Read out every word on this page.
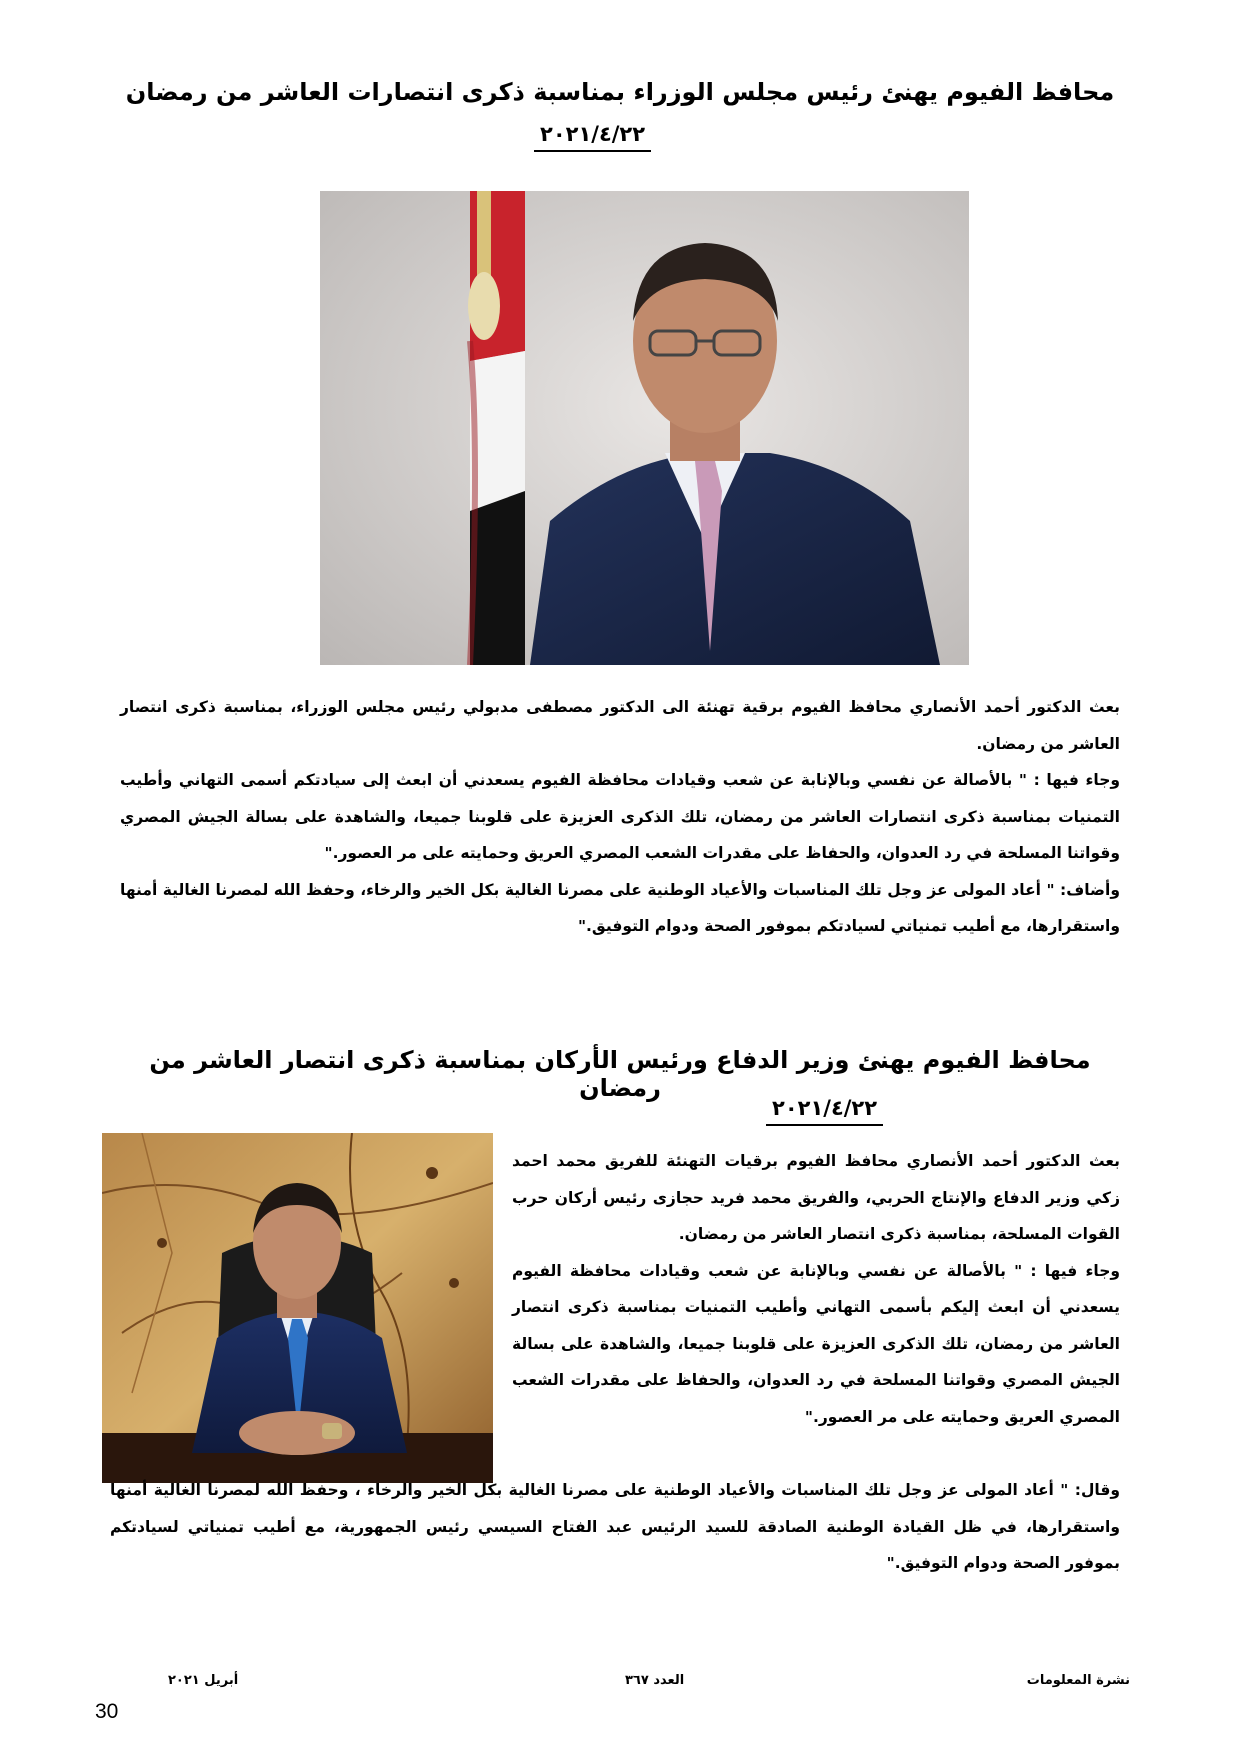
محافظ الفيوم يهنئ رئيس مجلس الوزراء بمناسبة ذكرى انتصارات العاشر من رمضان
٢٠٢١/٤/٢٢

بعث الدكتور أحمد الأنصاري محافظ الفيوم برقية تهنئة الى الدكتور مصطفى مدبولي رئيس مجلس الوزراء، بمناسبة ذكرى انتصار العاشر من رمضان.

وجاء فيها : " بالأصالة عن نفسي وبالإنابة عن شعب وقيادات محافظة الفيوم يسعدني أن ابعث إلى سيادتكم أسمى التهاني وأطيب التمنيات بمناسبة ذكرى انتصارات العاشر من رمضان، تلك الذكرى العزيزة على قلوبنا جميعا، والشاهدة على بسالة الجيش المصري وقواتنا المسلحة في رد العدوان، والحفاظ على مقدرات الشعب المصري العريق وحمايته على مر العصور."

وأضاف: " أعاد المولى عز وجل تلك المناسبات والأعياد الوطنية على مصرنا الغالية بكل الخير والرخاء، وحفظ الله لمصرنا الغالية أمنها واستقرارها، مع أطيب تمنياتي لسيادتكم بموفور الصحة ودوام التوفيق."

محافظ الفيوم يهنئ وزير الدفاع ورئيس الأركان بمناسبة ذكرى انتصار العاشر من رمضان
٢٠٢١/٤/٢٢

بعث الدكتور أحمد الأنصاري محافظ الفيوم برقيات التهنئة للفريق محمد احمد زكي وزير الدفاع والإنتاج الحربي، والفريق محمد فريد حجازى رئيس أركان حرب القوات المسلحة، بمناسبة ذكرى انتصار العاشر من رمضان.

وجاء فيها : " بالأصالة عن نفسي وبالإنابة عن شعب وقيادات محافظة الفيوم يسعدني أن ابعث إليكم بأسمى التهاني وأطيب التمنيات بمناسبة ذكرى انتصار العاشر من رمضان، تلك الذكرى العزيزة على قلوبنا جميعا، والشاهدة على بسالة الجيش المصري وقواتنا المسلحة في رد العدوان، والحفاظ على مقدرات الشعب المصري العريق وحمايته على مر العصور."

وقال: " أعاد المولى عز وجل تلك المناسبات والأعياد الوطنية على مصرنا الغالية بكل الخير والرخاء ، وحفظ الله لمصرنا الغالية أمنها واستقرارها، في ظل القيادة الوطنية الصادقة للسيد الرئيس عبد الفتاح السيسي رئيس الجمهورية، مع أطيب تمنياتي لسيادتكم بموفور الصحة ودوام التوفيق."

نشرة المعلومات
العدد ٣٦٧
أبريل ٢٠٢١
30
